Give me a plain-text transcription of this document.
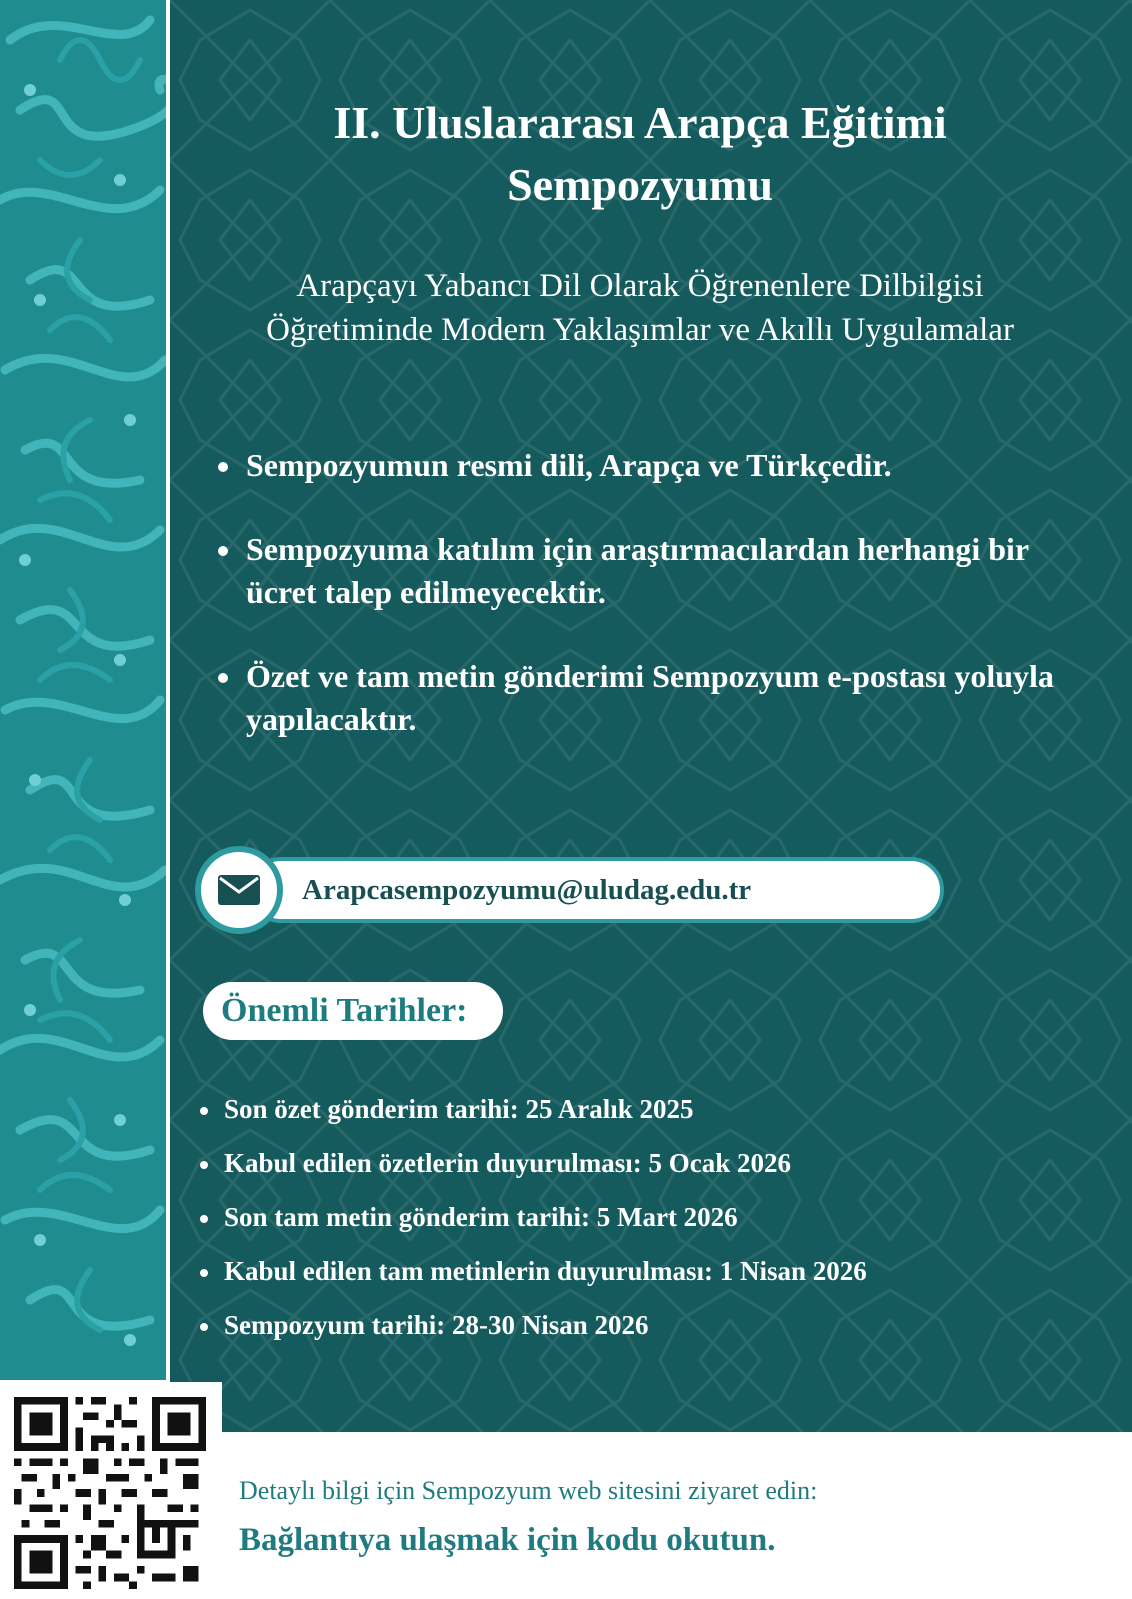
II. Uluslararası Arapça Eğitimi
Sempozyumu
Arapçayı Yabancı Dil Olarak Öğrenenlere Dilbilgisi
Öğretiminde Modern Yaklaşımlar ve Akıllı Uygulamalar
Sempozyumun resmi dili, Arapça ve Türkçedir.
Sempozyuma katılım için araştırmacılardan herhangi bir ücret talep edilmeyecektir.
Özet ve tam metin gönderimi Sempozyum e-postası yoluyla yapılacaktır.
Arapcasempozyumu@uludag.edu.tr
Önemli Tarihler:
Son özet gönderim tarihi: 25 Aralık 2025
Kabul edilen özetlerin duyurulması: 5 Ocak 2026
Son tam metin gönderim tarihi: 5 Mart 2026
Kabul edilen tam metinlerin duyurulması: 1 Nisan 2026
Sempozyum tarihi: 28-30 Nisan 2026
Detaylı bilgi için Sempozyum web sitesini ziyaret edin:
Bağlantıya ulaşmak için kodu okutun.
